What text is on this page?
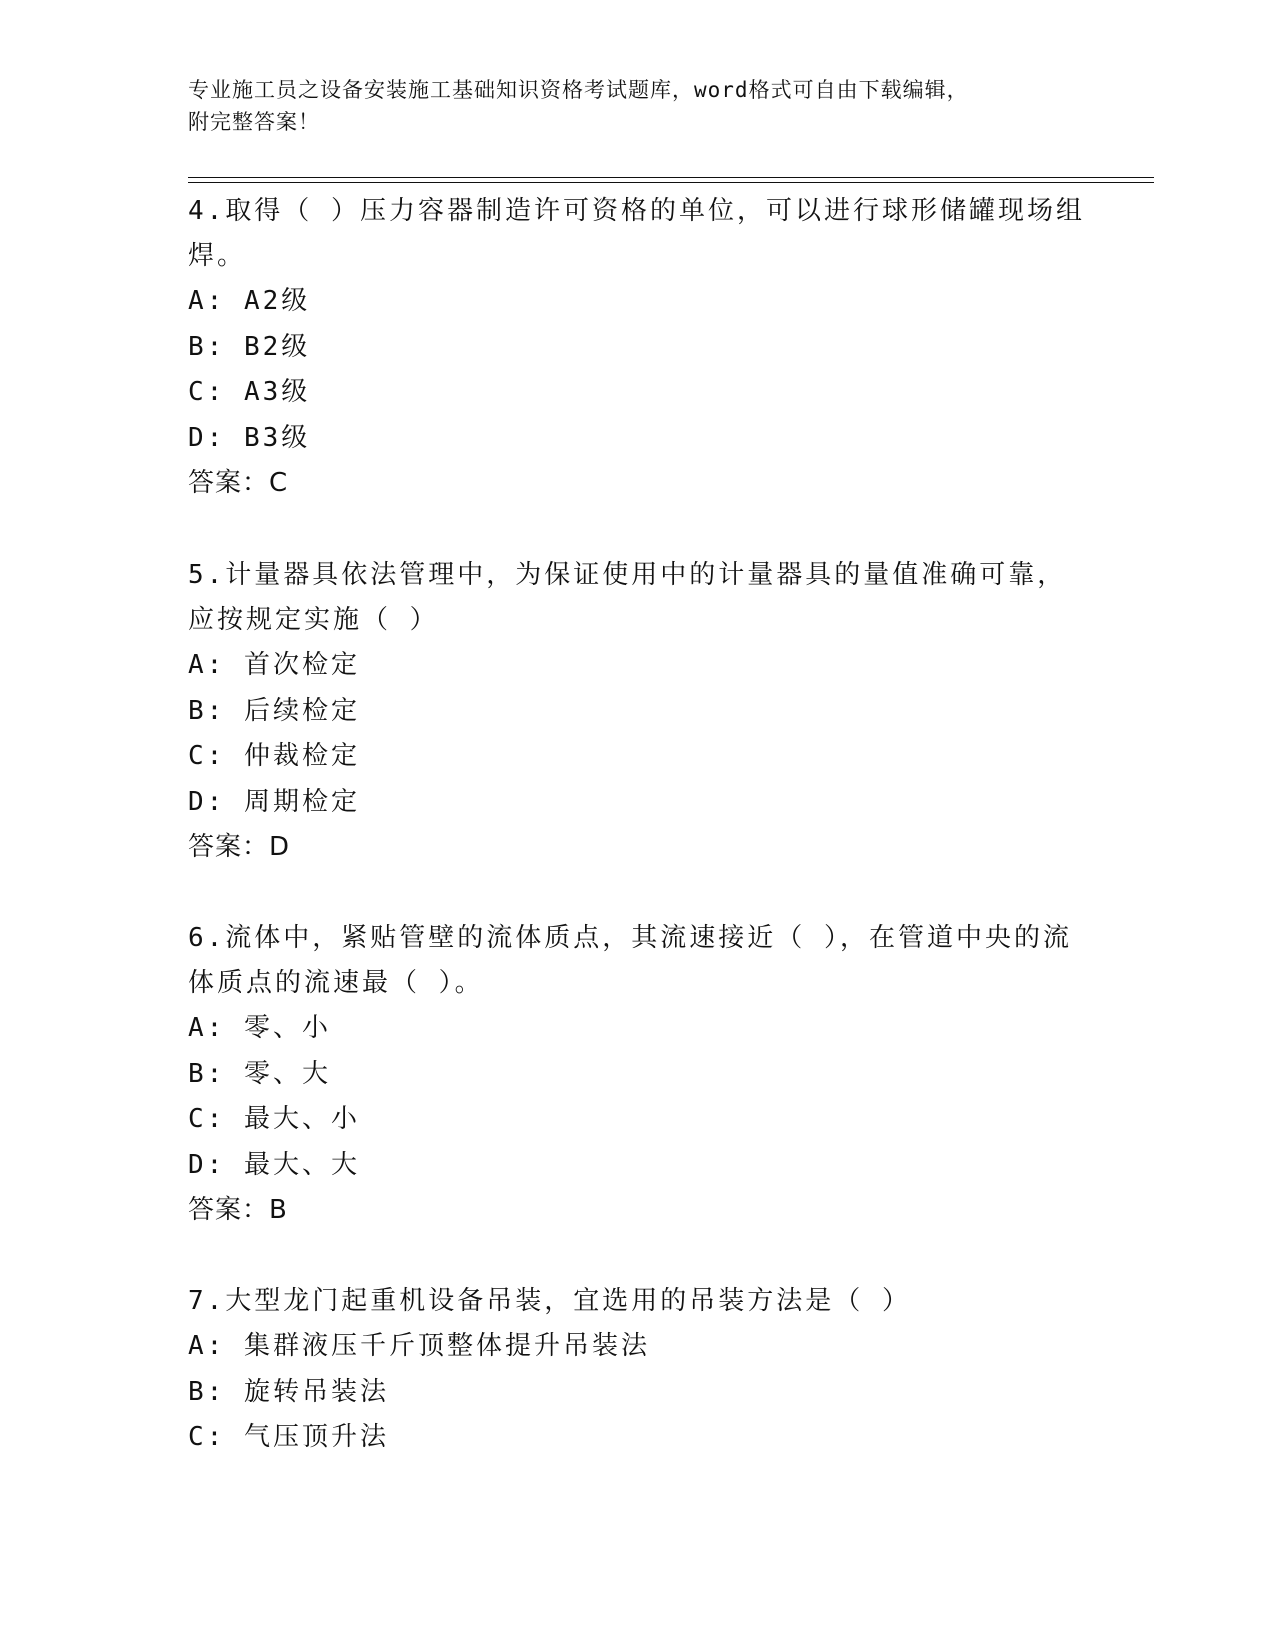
专业施工员之设备安装施工基础知识资格考试题库，word格式可自由下载编辑，
附完整答案！

4.取得（ ）压力容器制造许可资格的单位，可以进行球形储罐现场组焊。

A: A2级

B: B2级

C: A3级

D: B3级

答案：C

5.计量器具依法管理中，为保证使用中的计量器具的量值准确可靠，应按规定实施（ ）

A: 首次检定

B: 后续检定

C: 仲裁检定

D: 周期检定

答案：D

6.流体中，紧贴管壁的流体质点，其流速接近（ ），在管道中央的流体质点的流速最（ ）。

A: 零、小

B: 零、大

C: 最大、小

D: 最大、大

答案：B

7.大型龙门起重机设备吊装，宜选用的吊装方法是（ ）

A: 集群液压千斤顶整体提升吊装法

B: 旋转吊装法

C: 气压顶升法
